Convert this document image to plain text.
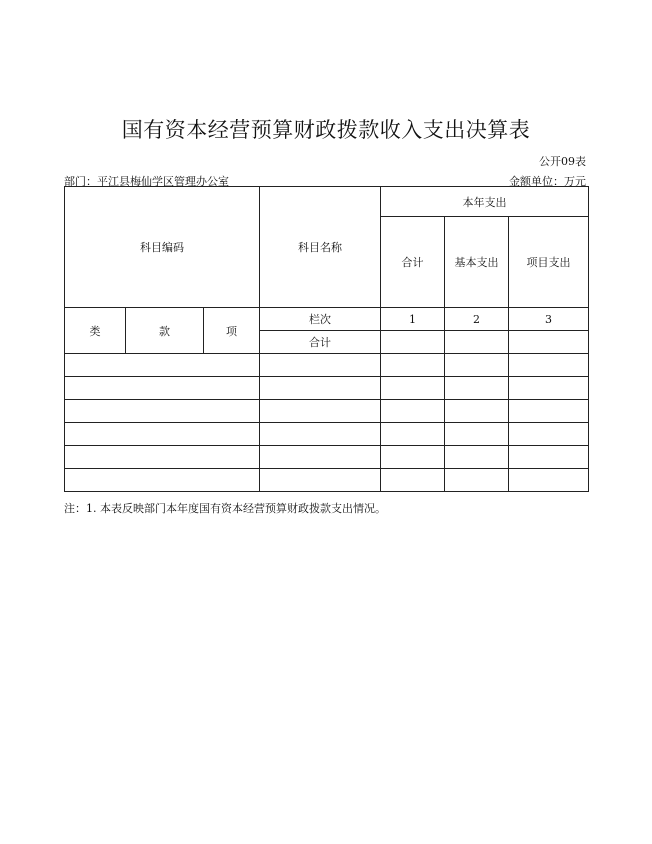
国有资本经营预算财政拨款收入支出决算表
公开09表
部门：平江县梅仙学区管理办公室	金额单位：万元
科目编码			科目名称	本年支出		
				合计	基本支出	项目支出
类	款	项	栏次	1	2	3
			合计			

注：1. 本表反映部门本年度国有资本经营预算财政拨款支出情况。
